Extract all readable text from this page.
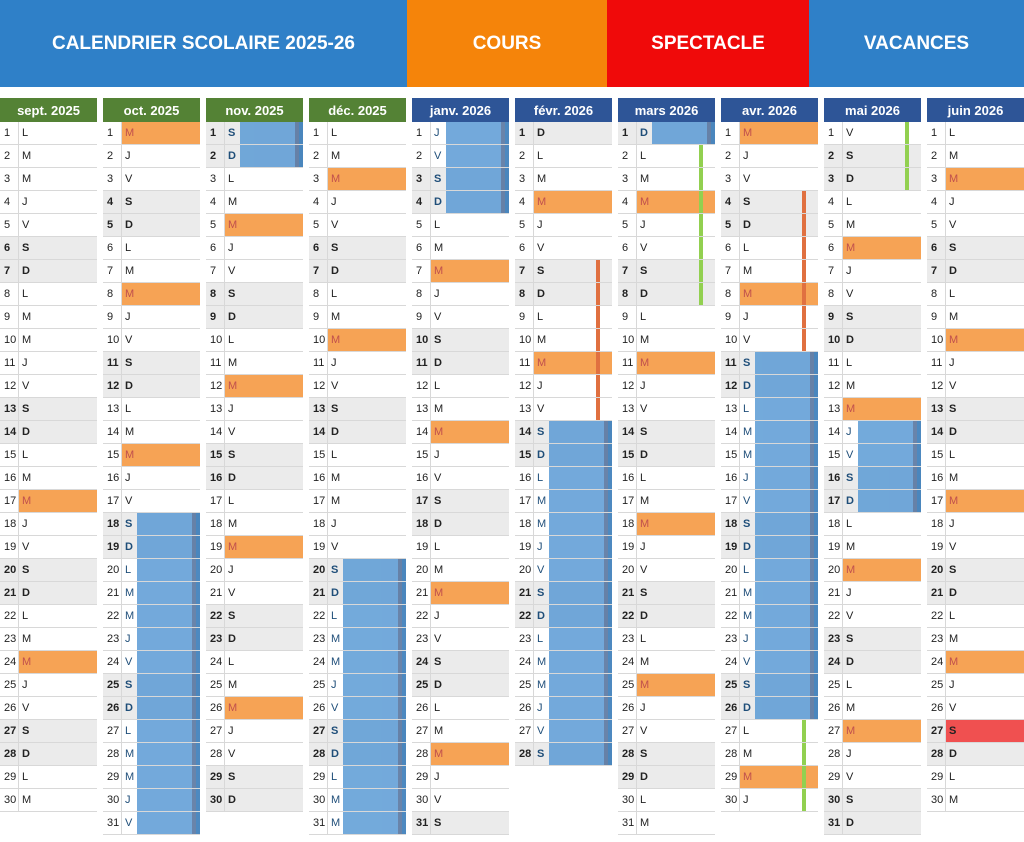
CALENDRIER SCOLAIRE 2025-26	COURS	SPECTACLE	VACANCES
sept. 2025
1 L
2 M
3 M
4 J
5 V
6 S
7 D
8 L
9 M
10 M
11 J
12 V
13 S
14 D
15 L
16 M
17 M
18 J
19 V
20 S
21 D
22 L
23 M
24 M
25 J
26 V
27 S
28 D
29 L
30 M
oct. 2025
1 M
2 J
3 V
4 S
5 D
6 L
7 M
8 M
9 J
10 V
11 S
12 D
13 L
14 M
15 M
16 J
17 V
18 S
19 D
20 L
21 M
22 M
23 J
24 V
25 S
26 D
27 L
28 M
29 M
30 J
31 V
nov. 2025
1 S
2 D
3 L
4 M
5 M
6 J
7 V
8 S
9 D
10 L
11 M
12 M
13 J
14 V
15 S
16 D
17 L
18 M
19 M
20 J
21 V
22 S
23 D
24 L
25 M
26 M
27 J
28 V
29 S
30 D
déc. 2025
1 L
2 M
3 M
4 J
5 V
6 S
7 D
8 L
9 M
10 M
11 J
12 V
13 S
14 D
15 L
16 M
17 M
18 J
19 V
20 S
21 D
22 L
23 M
24 M
25 J
26 V
27 S
28 D
29 L
30 M
31 M
janv. 2026
1 J
2 V
3 S
4 D
5 L
6 M
7 M
8 J
9 V
10 S
11 D
12 L
13 M
14 M
15 J
16 V
17 S
18 D
19 L
20 M
21 M
22 J
23 V
24 S
25 D
26 L
27 M
28 M
29 J
30 V
31 S
févr. 2026
1 D
2 L
3 M
4 M
5 J
6 V
7 S
8 D
9 L
10 M
11 M
12 J
13 V
14 S
15 D
16 L
17 M
18 M
19 J
20 V
21 S
22 D
23 L
24 M
25 M
26 J
27 V
28 S
mars 2026
1 D
2 L
3 M
4 M
5 J
6 V
7 S
8 D
9 L
10 M
11 M
12 J
13 V
14 S
15 D
16 L
17 M
18 M
19 J
20 V
21 S
22 D
23 L
24 M
25 M
26 J
27 V
28 S
29 D
30 L
31 M
avr. 2026
1 M
2 J
3 V
4 S
5 D
6 L
7 M
8 M
9 J
10 V
11 S
12 D
13 L
14 M
15 M
16 J
17 V
18 S
19 D
20 L
21 M
22 M
23 J
24 V
25 S
26 D
27 L
28 M
29 M
30 J
mai 2026
1 V
2 S
3 D
4 L
5 M
6 M
7 J
8 V
9 S
10 D
11 L
12 M
13 M
14 J
15 V
16 S
17 D
18 L
19 M
20 M
21 J
22 V
23 S
24 D
25 L
26 M
27 M
28 J
29 V
30 S
31 D
juin 2026
1 L
2 M
3 M
4 J
5 V
6 S
7 D
8 L
9 M
10 M
11 J
12 V
13 S
14 D
15 L
16 M
17 M
18 J
19 V
20 S
21 D
22 L
23 M
24 M
25 J
26 V
27 S
28 D
29 L
30 M
